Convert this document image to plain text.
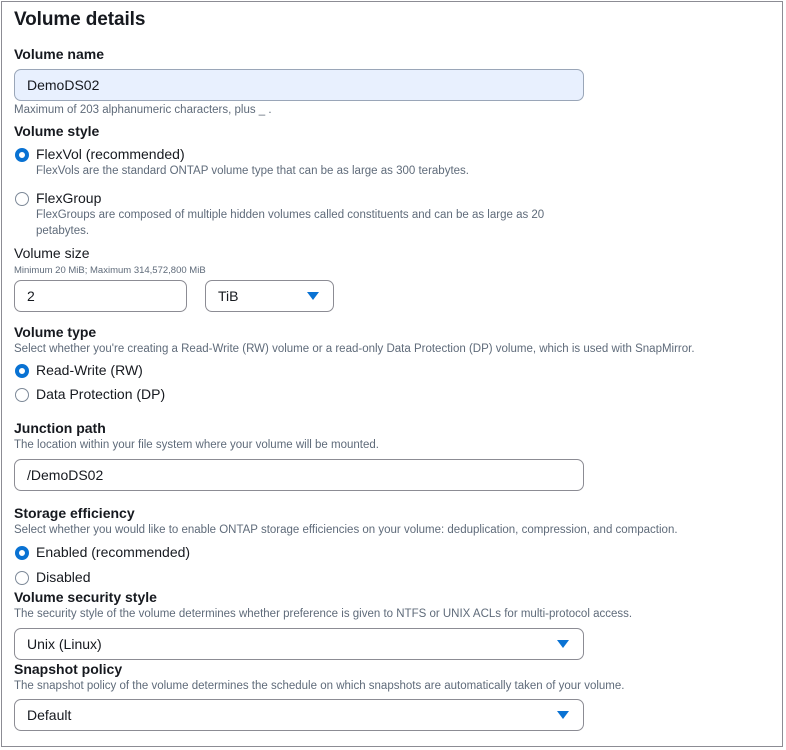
Volume details
Volume name
DemoDS02
Maximum of 203 alphanumeric characters, plus _ .
Volume style
FlexVol (recommended)
FlexVols are the standard ONTAP volume type that can be as large as 300 terabytes.
FlexGroup
FlexGroups are composed of multiple hidden volumes called constituents and can be as large as 20 petabytes.
Volume size
Minimum 20 MiB; Maximum 314,572,800 MiB
2	TiB
Volume type
Select whether you're creating a Read-Write (RW) volume or a read-only Data Protection (DP) volume, which is used with SnapMirror.
Read-Write (RW)
Data Protection (DP)
Junction path
The location within your file system where your volume will be mounted.
/DemoDS02
Storage efficiency
Select whether you would like to enable ONTAP storage efficiencies on your volume: deduplication, compression, and compaction.
Enabled (recommended)
Disabled
Volume security style
The security style of the volume determines whether preference is given to NTFS or UNIX ACLs for multi-protocol access.
Unix (Linux)
Snapshot policy
The snapshot policy of the volume determines the schedule on which snapshots are automatically taken of your volume.
Default
